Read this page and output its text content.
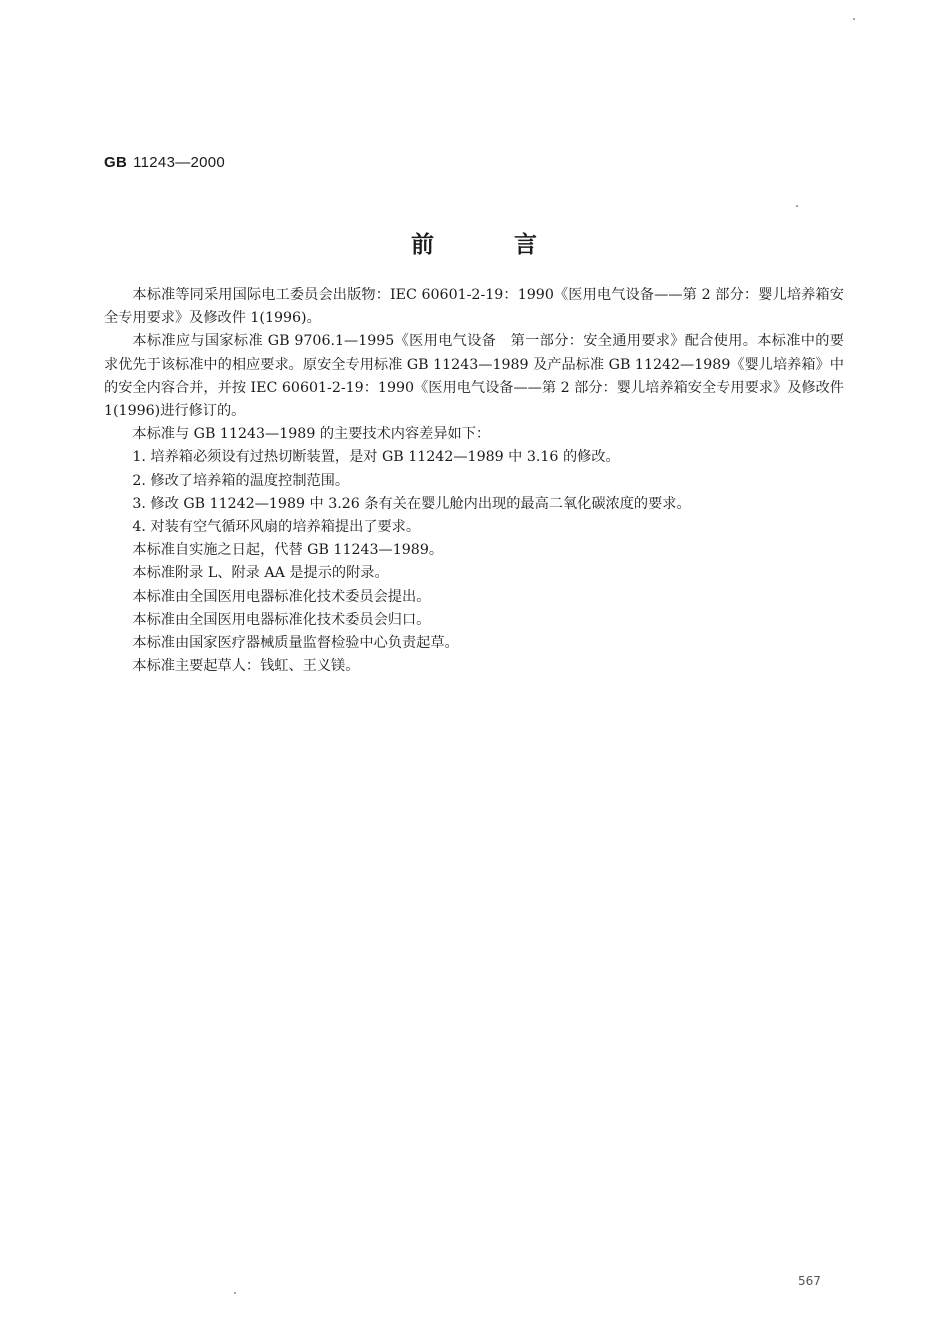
GB 11243—2000
前	言

本标准等同采用国际电工委员会出版物：IEC 60601-2-19：1990《医用电气设备——第 2 部分：婴儿培养箱安全专用要求》及修改件 1(1996)。

本标准应与国家标准 GB 9706.1—1995《医用电气设备　第一部分：安全通用要求》配合使用。本标准中的要求优先于该标准中的相应要求。原安全专用标准 GB 11243—1989 及产品标准 GB 11242—1989《婴儿培养箱》中的安全内容合并，并按 IEC 60601-2-19：1990《医用电气设备——第 2 部分：婴儿培养箱安全专用要求》及修改件 1(1996)进行修订的。

本标准与 GB 11243—1989 的主要技术内容差异如下：

1. 培养箱必须设有过热切断装置，是对 GB 11242—1989 中 3.16 的修改。

2. 修改了培养箱的温度控制范围。

3. 修改 GB 11242—1989 中 3.26 条有关在婴儿舱内出现的最高二氧化碳浓度的要求。

4. 对装有空气循环风扇的培养箱提出了要求。

本标准自实施之日起，代替 GB 11243—1989。

本标准附录 L、附录 AA 是提示的附录。

本标准由全国医用电器标准化技术委员会提出。

本标准由全国医用电器标准化技术委员会归口。

本标准由国家医疗器械质量监督检验中心负责起草。

本标准主要起草人：钱虹、王义镁。

567
